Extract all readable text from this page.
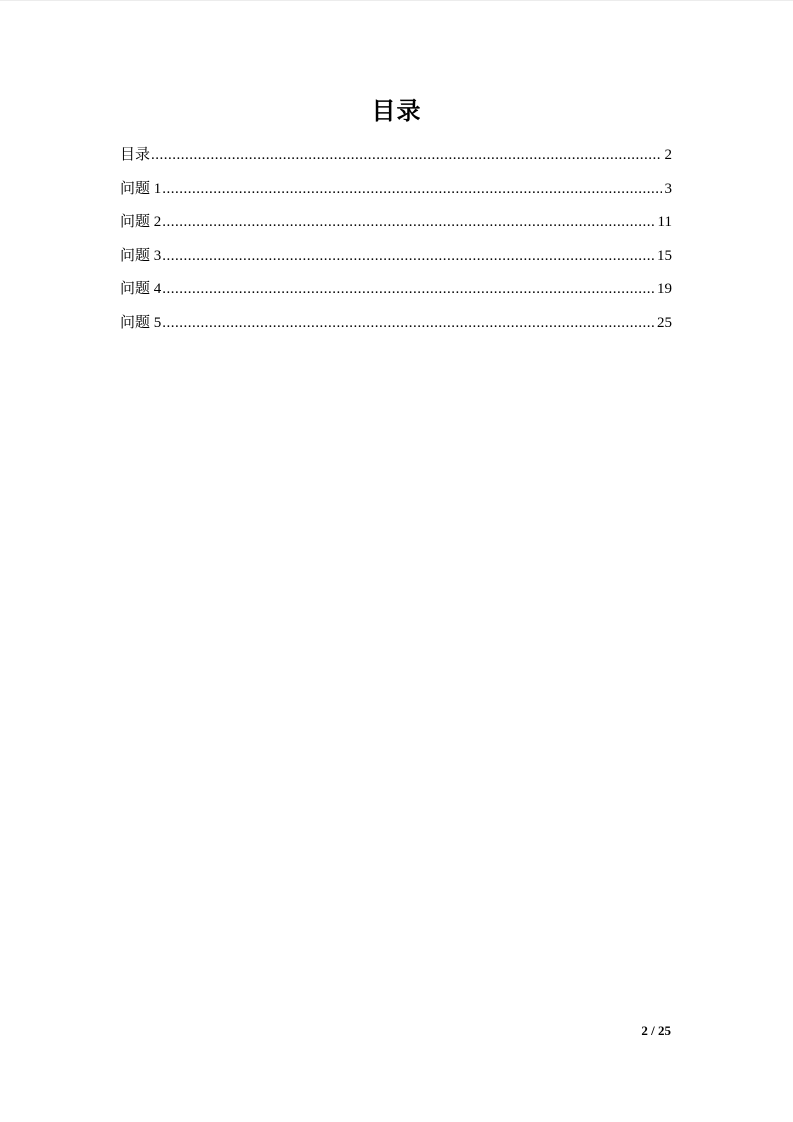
目录
目录 .....	2
问题 1 .....	3
问题 2 .....	11
问题 3 .....	15
问题 4 .....	19
问题 5 .....	25
2 / 25
